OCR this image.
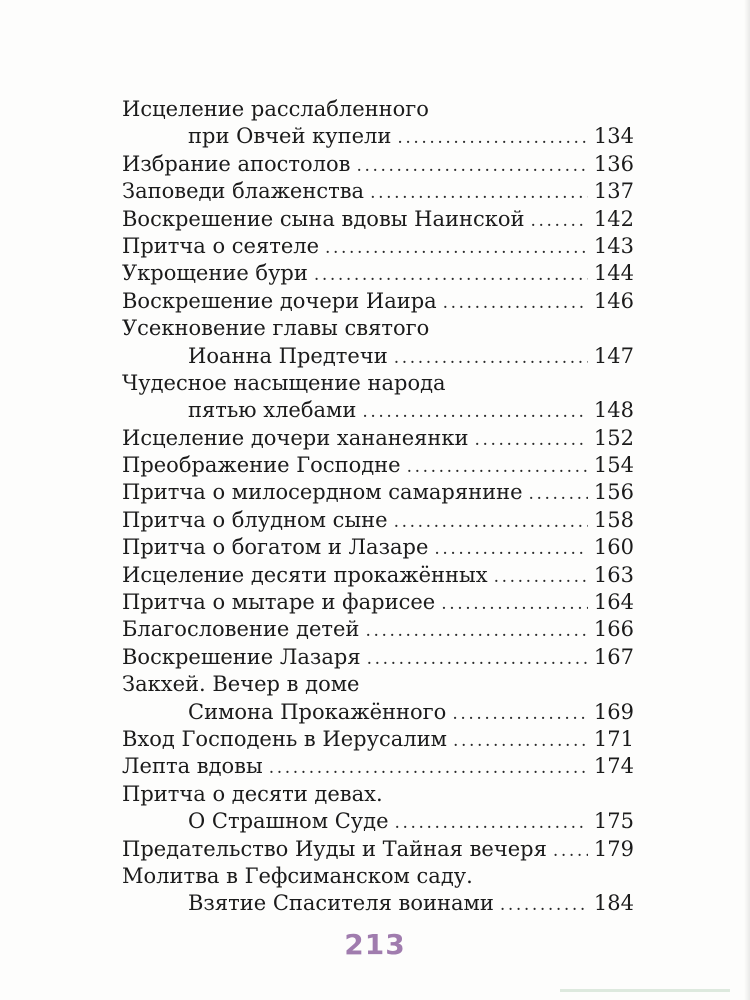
Исцеление расслабленного
при Овчей купели .....	134
Избрание апостолов .....	136
Заповеди блаженства .....	137
Воскрешение сына вдовы Наинской .....	142
Притча о сеятеле .....	143
Укрощение бури .....	144
Воскрешение дочери Иаира .....	146
Усекновение главы святого
Иоанна Предтечи .....	147
Чудесное насыщение народа
пятью хлебами .....	148
Исцеление дочери хананеянки .....	152
Преображение Господне .....	154
Притча о милосердном самарянине .....	156
Притча о блудном сыне .....	158
Притча о богатом и Лазаре .....	160
Исцеление десяти прокажённых .....	163
Притча о мытаре и фарисее .....	164
Благословение детей .....	166
Воскрешение Лазаря .....	167
Закхей. Вечер в доме
Симона Прокажённого .....	169
Вход Господень в Иерусалим .....	171
Лепта вдовы .....	174
Притча о десяти девах.
О Страшном Суде .....	175
Предательство Иуды и Тайная вечеря ..... 179
Молитва в Гефсиманском саду.
Взятие Спасителя воинами .....	184
213
